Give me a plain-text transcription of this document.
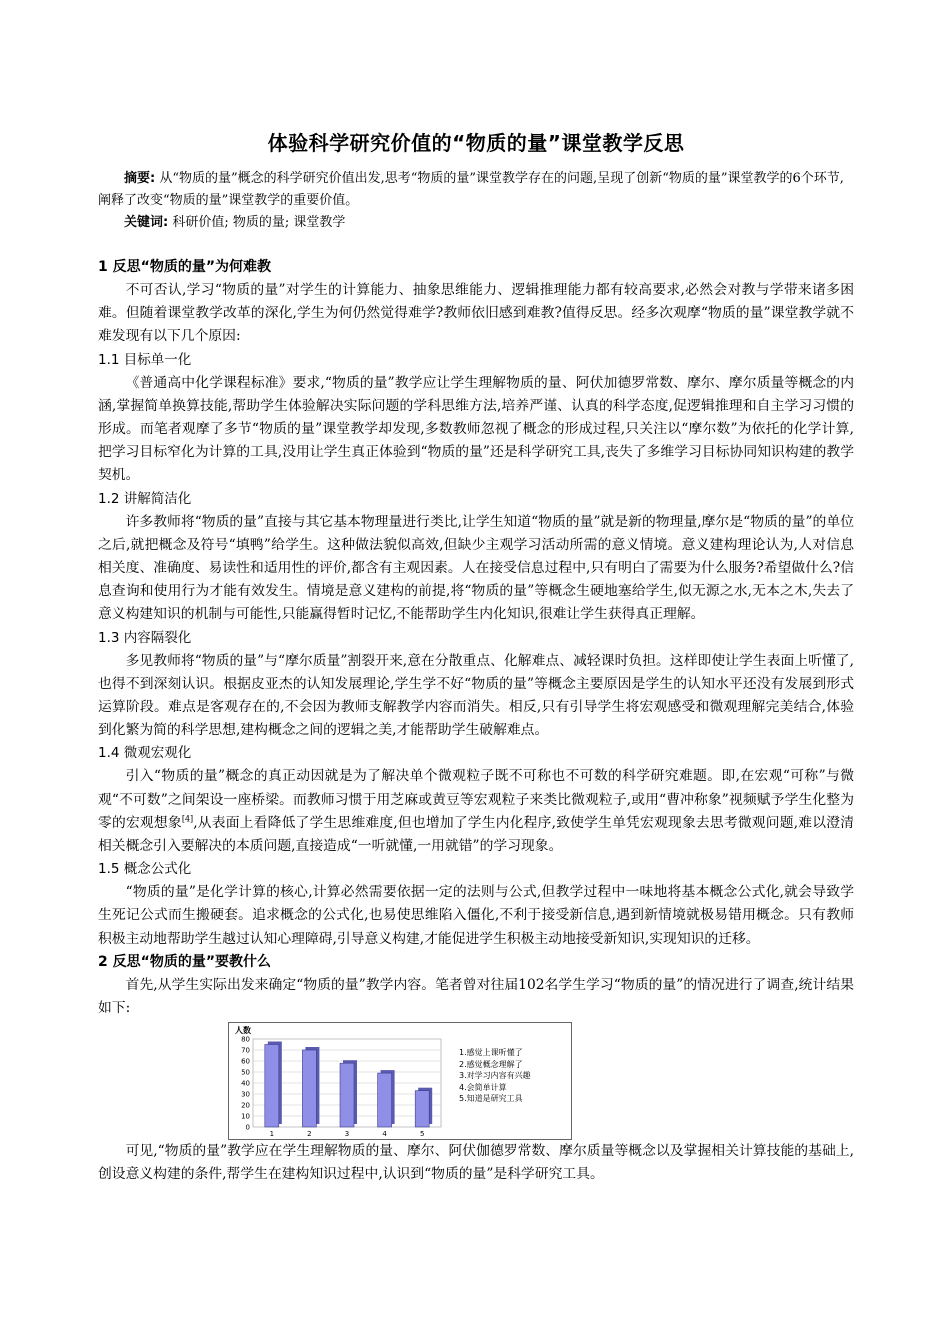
体验科学研究价值的“物质的量”课堂教学反思

摘要: 从“物质的量”概念的科学研究价值出发,思考“物质的量”课堂教学存在的问题,呈现了创新“物质的量”课堂教学的6个环节,阐释了改变“物质的量”课堂教学的重要价值。

关键词: 科研价值; 物质的量; 课堂教学

1 反思“物质的量”为何难教

不可否认,学习“物质的量”对学生的计算能力、抽象思维能力、逻辑推理能力都有较高要求,必然会对教与学带来诸多困难。但随着课堂教学改革的深化,学生为何仍然觉得难学?教师依旧感到难教?值得反思。经多次观摩“物质的量”课堂教学就不难发现有以下几个原因:

1.1 目标单一化

《普通高中化学课程标准》要求,“物质的量”教学应让学生理解物质的量、阿伏加德罗常数、摩尔、摩尔质量等概念的内涵,掌握简单换算技能,帮助学生体验解决实际问题的学科思维方法,培养严谨、认真的科学态度,促逻辑推理和自主学习习惯的形成。而笔者观摩了多节“物质的量”课堂教学却发现,多数教师忽视了概念的形成过程,只关注以“摩尔数”为依托的化学计算,把学习目标窄化为计算的工具,没用让学生真正体验到“物质的量”还是科学研究工具,丧失了多维学习目标协同知识构建的教学契机。

1.2 讲解简洁化

许多教师将“物质的量”直接与其它基本物理量进行类比,让学生知道“物质的量”就是新的物理量,摩尔是“物质的量”的单位之后,就把概念及符号“填鸭”给学生。这种做法貌似高效,但缺少主观学习活动所需的意义情境。意义建构理论认为,人对信息相关度、准确度、易读性和适用性的评价,都含有主观因素。人在接受信息过程中,只有明白了需要为什么服务?希望做什么?信息查询和使用行为才能有效发生。情境是意义建构的前提,将“物质的量”等概念生硬地塞给学生,似无源之水,无本之木,失去了意义构建知识的机制与可能性,只能赢得暂时记忆,不能帮助学生内化知识,很难让学生获得真正理解。

1.3 内容隔裂化

多见教师将“物质的量”与“摩尔质量”割裂开来,意在分散重点、化解难点、减轻课时负担。这样即使让学生表面上听懂了,也得不到深刻认识。根据皮亚杰的认知发展理论,学生学不好“物质的量”等概念主要原因是学生的认知水平还没有发展到形式运算阶段。难点是客观存在的,不会因为教师支解教学内容而消失。相反,只有引导学生将宏观感受和微观理解完美结合,体验到化繁为简的科学思想,建构概念之间的逻辑之美,才能帮助学生破解难点。

1.4 微观宏观化

引入“物质的量”概念的真正动因就是为了解决单个微观粒子既不可称也不可数的科学研究难题。即,在宏观“可称”与微观“不可数”之间架设一座桥梁。而教师习惯于用芝麻或黄豆等宏观粒子来类比微观粒子,或用“曹冲称象”视频赋予学生化整为零的宏观想象[4],从表面上看降低了学生思维难度,但也增加了学生内化程序,致使学生单凭宏观现象去思考微观问题,难以澄清相关概念引入要解决的本质问题,直接造成“一听就懂,一用就错”的学习现象。

1.5 概念公式化

“物质的量”是化学计算的核心,计算必然需要依据一定的法则与公式,但教学过程中一味地将基本概念公式化,就会导致学生死记公式而生搬硬套。追求概念的公式化,也易使思维陷入僵化,不利于接受新信息,遇到新情境就极易错用概念。只有教师积极主动地帮助学生越过认知心理障碍,引导意义构建,才能促进学生积极主动地接受新知识,实现知识的迁移。

2 反思“物质的量”要教什么

首先,从学生实际出发来确定“物质的量”教学内容。笔者曾对往届102名学生学习“物质的量”的情况进行了调查,统计结果如下:

0
10
20
30
40
50
60
70
80
人数
1	2	3	4	5
1.感觉上课听懂了
2.感觉概念理解了
3.对学习内容有兴趣
4.会简单计算
5.知道是研究工具

可见,“物质的量”教学应在学生理解物质的量、摩尔、阿伏伽德罗常数、摩尔质量等概念以及掌握相关计算技能的基础上,创设意义构建的条件,帮学生在建构知识过程中,认识到“物质的量”是科学研究工具。
